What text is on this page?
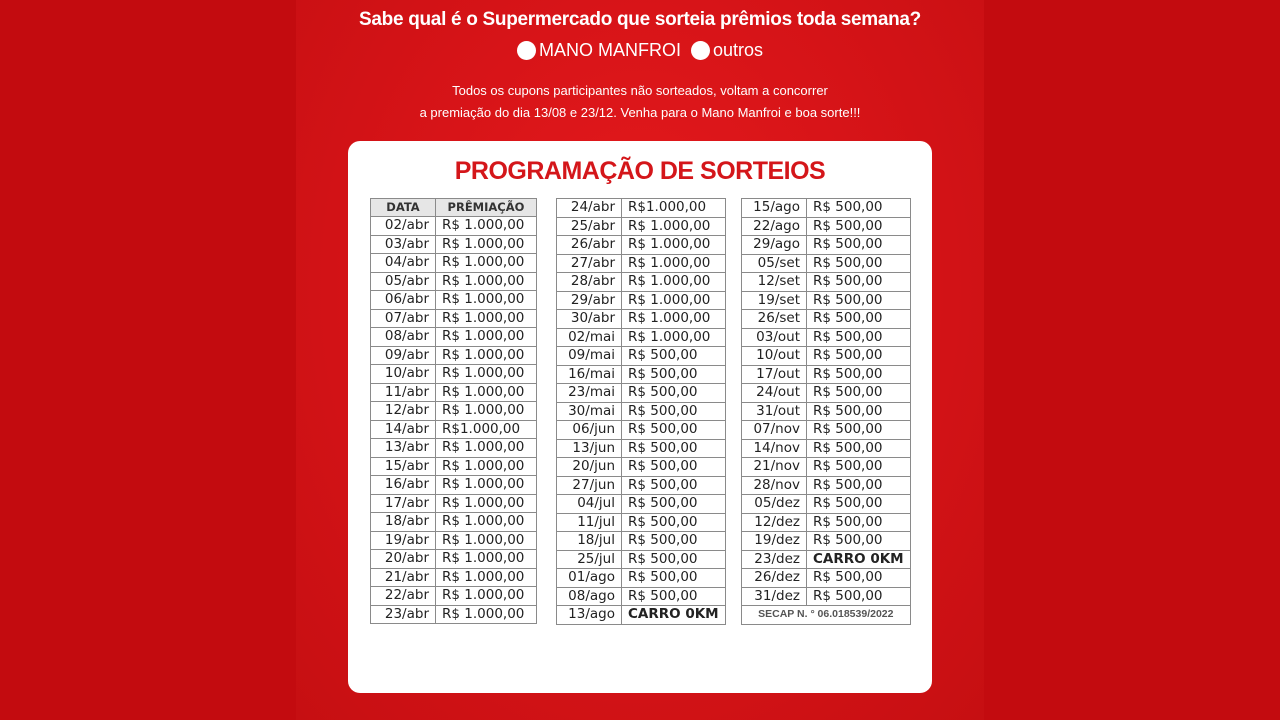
Sabe qual é o Supermercado que sorteia prêmios toda semana?
MANO MANFROI outros
Todos os cupons participantes não sorteados, voltam a concorrer
a premiação do dia 13/08 e 23/12. Venha para o Mano Manfroi e boa sorte!!!
PROGRAMAÇÃO DE SORTEIOS
DATA	PRÊMIAÇÃO
02/abr	R$ 1.000,00
03/abr	R$ 1.000,00
04/abr	R$ 1.000,00
05/abr	R$ 1.000,00
06/abr	R$ 1.000,00
07/abr	R$ 1.000,00
08/abr	R$ 1.000,00
09/abr	R$ 1.000,00
10/abr	R$ 1.000,00
11/abr	R$ 1.000,00
12/abr	R$ 1.000,00
14/abr	R$1.000,00
13/abr	R$ 1.000,00
15/abr	R$ 1.000,00
16/abr	R$ 1.000,00
17/abr	R$ 1.000,00
18/abr	R$ 1.000,00
19/abr	R$ 1.000,00
20/abr	R$ 1.000,00
21/abr	R$ 1.000,00
22/abr	R$ 1.000,00
23/abr	R$ 1.000,00
24/abr	R$1.000,00
25/abr	R$ 1.000,00
26/abr	R$ 1.000,00
27/abr	R$ 1.000,00
28/abr	R$ 1.000,00
29/abr	R$ 1.000,00
30/abr	R$ 1.000,00
02/mai	R$ 1.000,00
09/mai	R$ 500,00
16/mai	R$ 500,00
23/mai	R$ 500,00
30/mai	R$ 500,00
06/jun	R$ 500,00
13/jun	R$ 500,00
20/jun	R$ 500,00
27/jun	R$ 500,00
04/jul	R$ 500,00
11/jul	R$ 500,00
18/jul	R$ 500,00
25/jul	R$ 500,00
01/ago	R$ 500,00
08/ago	R$ 500,00
13/ago	CARRO 0KM
15/ago	R$ 500,00
22/ago	R$ 500,00
29/ago	R$ 500,00
05/set	R$ 500,00
12/set	R$ 500,00
19/set	R$ 500,00
26/set	R$ 500,00
03/out	R$ 500,00
10/out	R$ 500,00
17/out	R$ 500,00
24/out	R$ 500,00
31/out	R$ 500,00
07/nov	R$ 500,00
14/nov	R$ 500,00
21/nov	R$ 500,00
28/nov	R$ 500,00
05/dez	R$ 500,00
12/dez	R$ 500,00
19/dez	R$ 500,00
23/dez	CARRO 0KM
26/dez	R$ 500,00
31/dez	R$ 500,00
SECAP N. ° 06.018539/2022	
